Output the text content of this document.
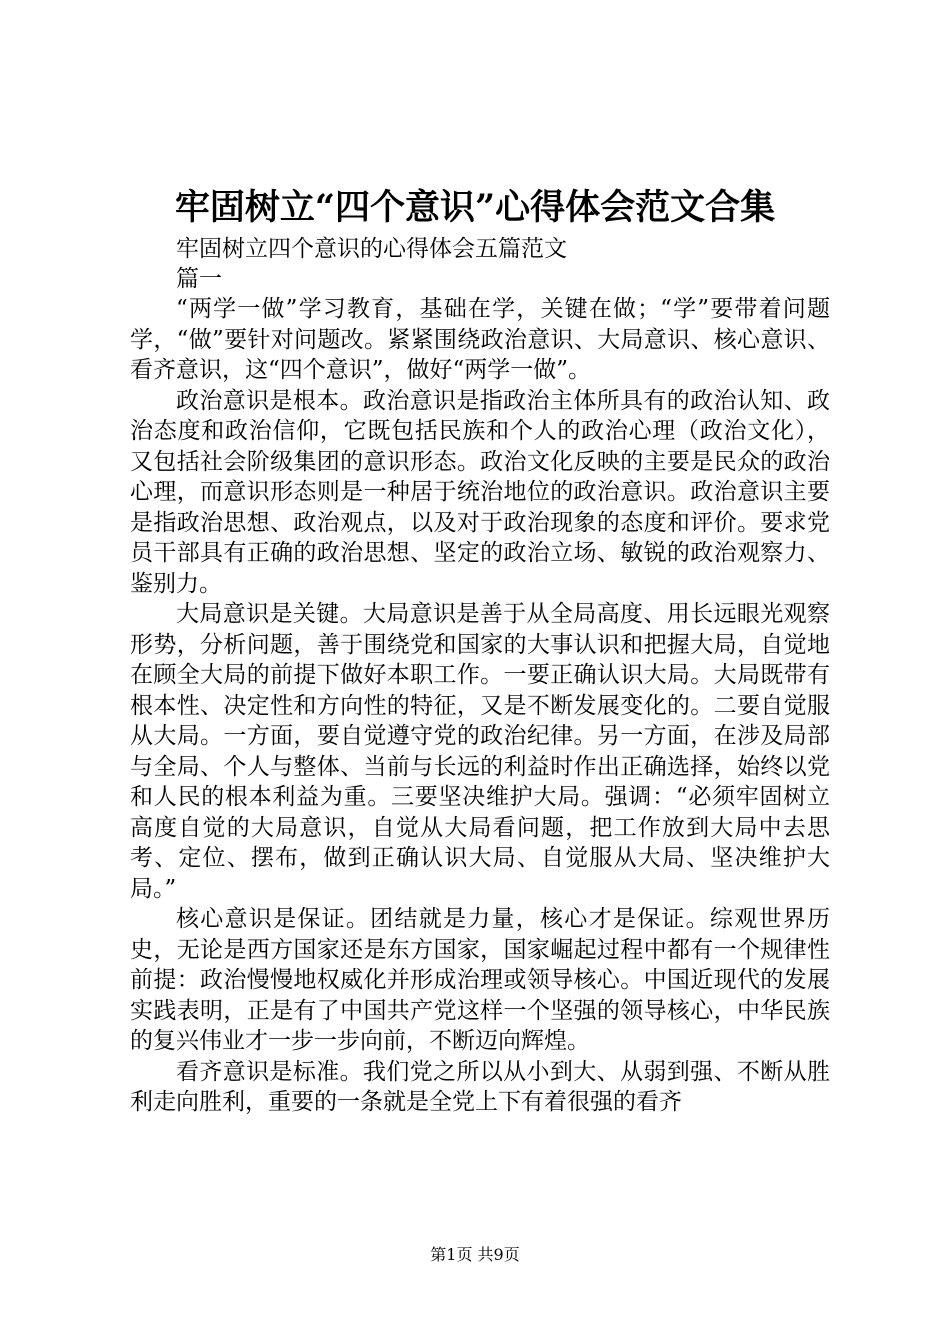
牢固树立“四个意识”心得体会范文合集
牢固树立四个意识的心得体会五篇范文
篇一

“两学一做”学习教育，基础在学，关键在做；“学”要带着问题学，“做”要针对问题改。紧紧围绕政治意识、大局意识、核心意识、看齐意识，这“四个意识”，做好“两学一做”。

政治意识是根本。政治意识是指政治主体所具有的政治认知、政治态度和政治信仰，它既包括民族和个人的政治心理（政治文化），又包括社会阶级集团的意识形态。政治文化反映的主要是民众的政治心理，而意识形态则是一种居于统治地位的政治意识。政治意识主要是指政治思想、政治观点，以及对于政治现象的态度和评价。要求党员干部具有正确的政治思想、坚定的政治立场、敏锐的政治观察力、鉴别力。

大局意识是关键。大局意识是善于从全局高度、用长远眼光观察形势，分析问题，善于围绕党和国家的大事认识和把握大局，自觉地在顾全大局的前提下做好本职工作。一要正确认识大局。大局既带有根本性、决定性和方向性的特征，又是不断发展变化的。二要自觉服从大局。一方面，要自觉遵守党的政治纪律。另一方面，在涉及局部与全局、个人与整体、当前与长远的利益时作出正确选择，始终以党和人民的根本利益为重。三要坚决维护大局。强调：“必须牢固树立高度自觉的大局意识，自觉从大局看问题，把工作放到大局中去思考、定位、摆布，做到正确认识大局、自觉服从大局、坚决维护大局。”

核心意识是保证。团结就是力量，核心才是保证。综观世界历史，无论是西方国家还是东方国家，国家崛起过程中都有一个规律性前提：政治慢慢地权威化并形成治理或领导核心。中国近现代的发展实践表明，正是有了中国共产党这样一个坚强的领导核心，中华民族的复兴伟业才一步一步向前，不断迈向辉煌。

看齐意识是标准。我们党之所以从小到大、从弱到强、不断从胜利走向胜利，重要的一条就是全党上下有着很强的看齐

第1页 共9页
